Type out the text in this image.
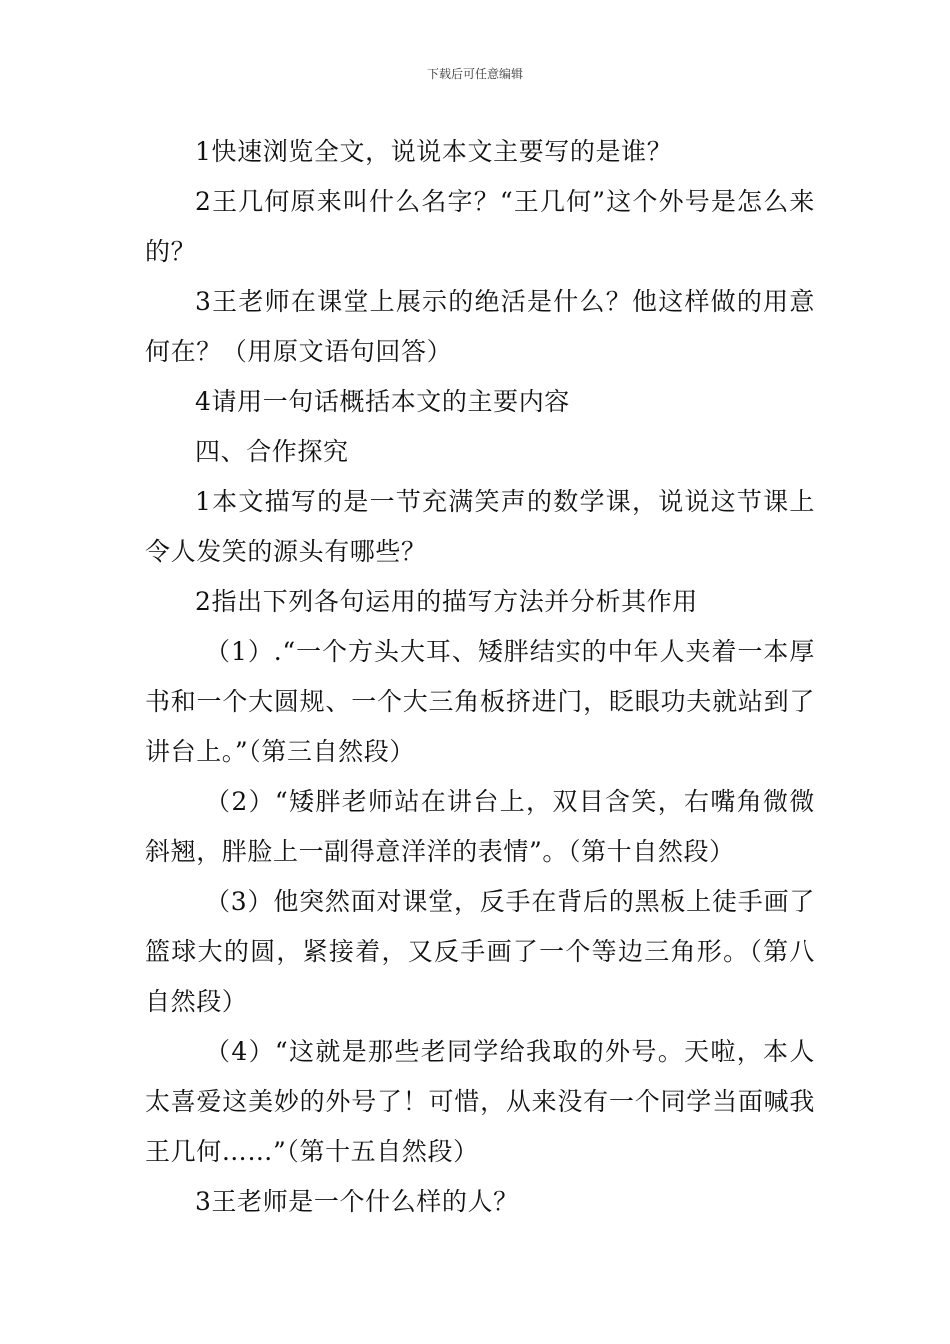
下载后可任意编辑

1快速浏览全文，说说本文主要写的是谁？

2王几何原来叫什么名字？“王几何”这个外号是怎么来的？

3王老师在课堂上展示的绝活是什么？他这样做的用意何在？（用原文语句回答）

4请用一句话概括本文的主要内容

四、合作探究

1本文描写的是一节充满笑声的数学课，说说这节课上令人发笑的源头有哪些？

2指出下列各句运用的描写方法并分析其作用

（1）.“一个方头大耳、矮胖结实的中年人夹着一本厚书和一个大圆规、一个大三角板挤进门，眨眼功夫就站到了讲台上。”（第三自然段）

（2）“矮胖老师站在讲台上，双目含笑，右嘴角微微斜翘，胖脸上一副得意洋洋的表情”。（第十自然段）

（3）他突然面对课堂，反手在背后的黑板上徒手画了篮球大的圆，紧接着，又反手画了一个等边三角形。（第八自然段）

（4）“这就是那些老同学给我取的外号。天啦，本人太喜爱这美妙的外号了！可惜，从来没有一个同学当面喊我王几何……”（第十五自然段）

3王老师是一个什么样的人？
